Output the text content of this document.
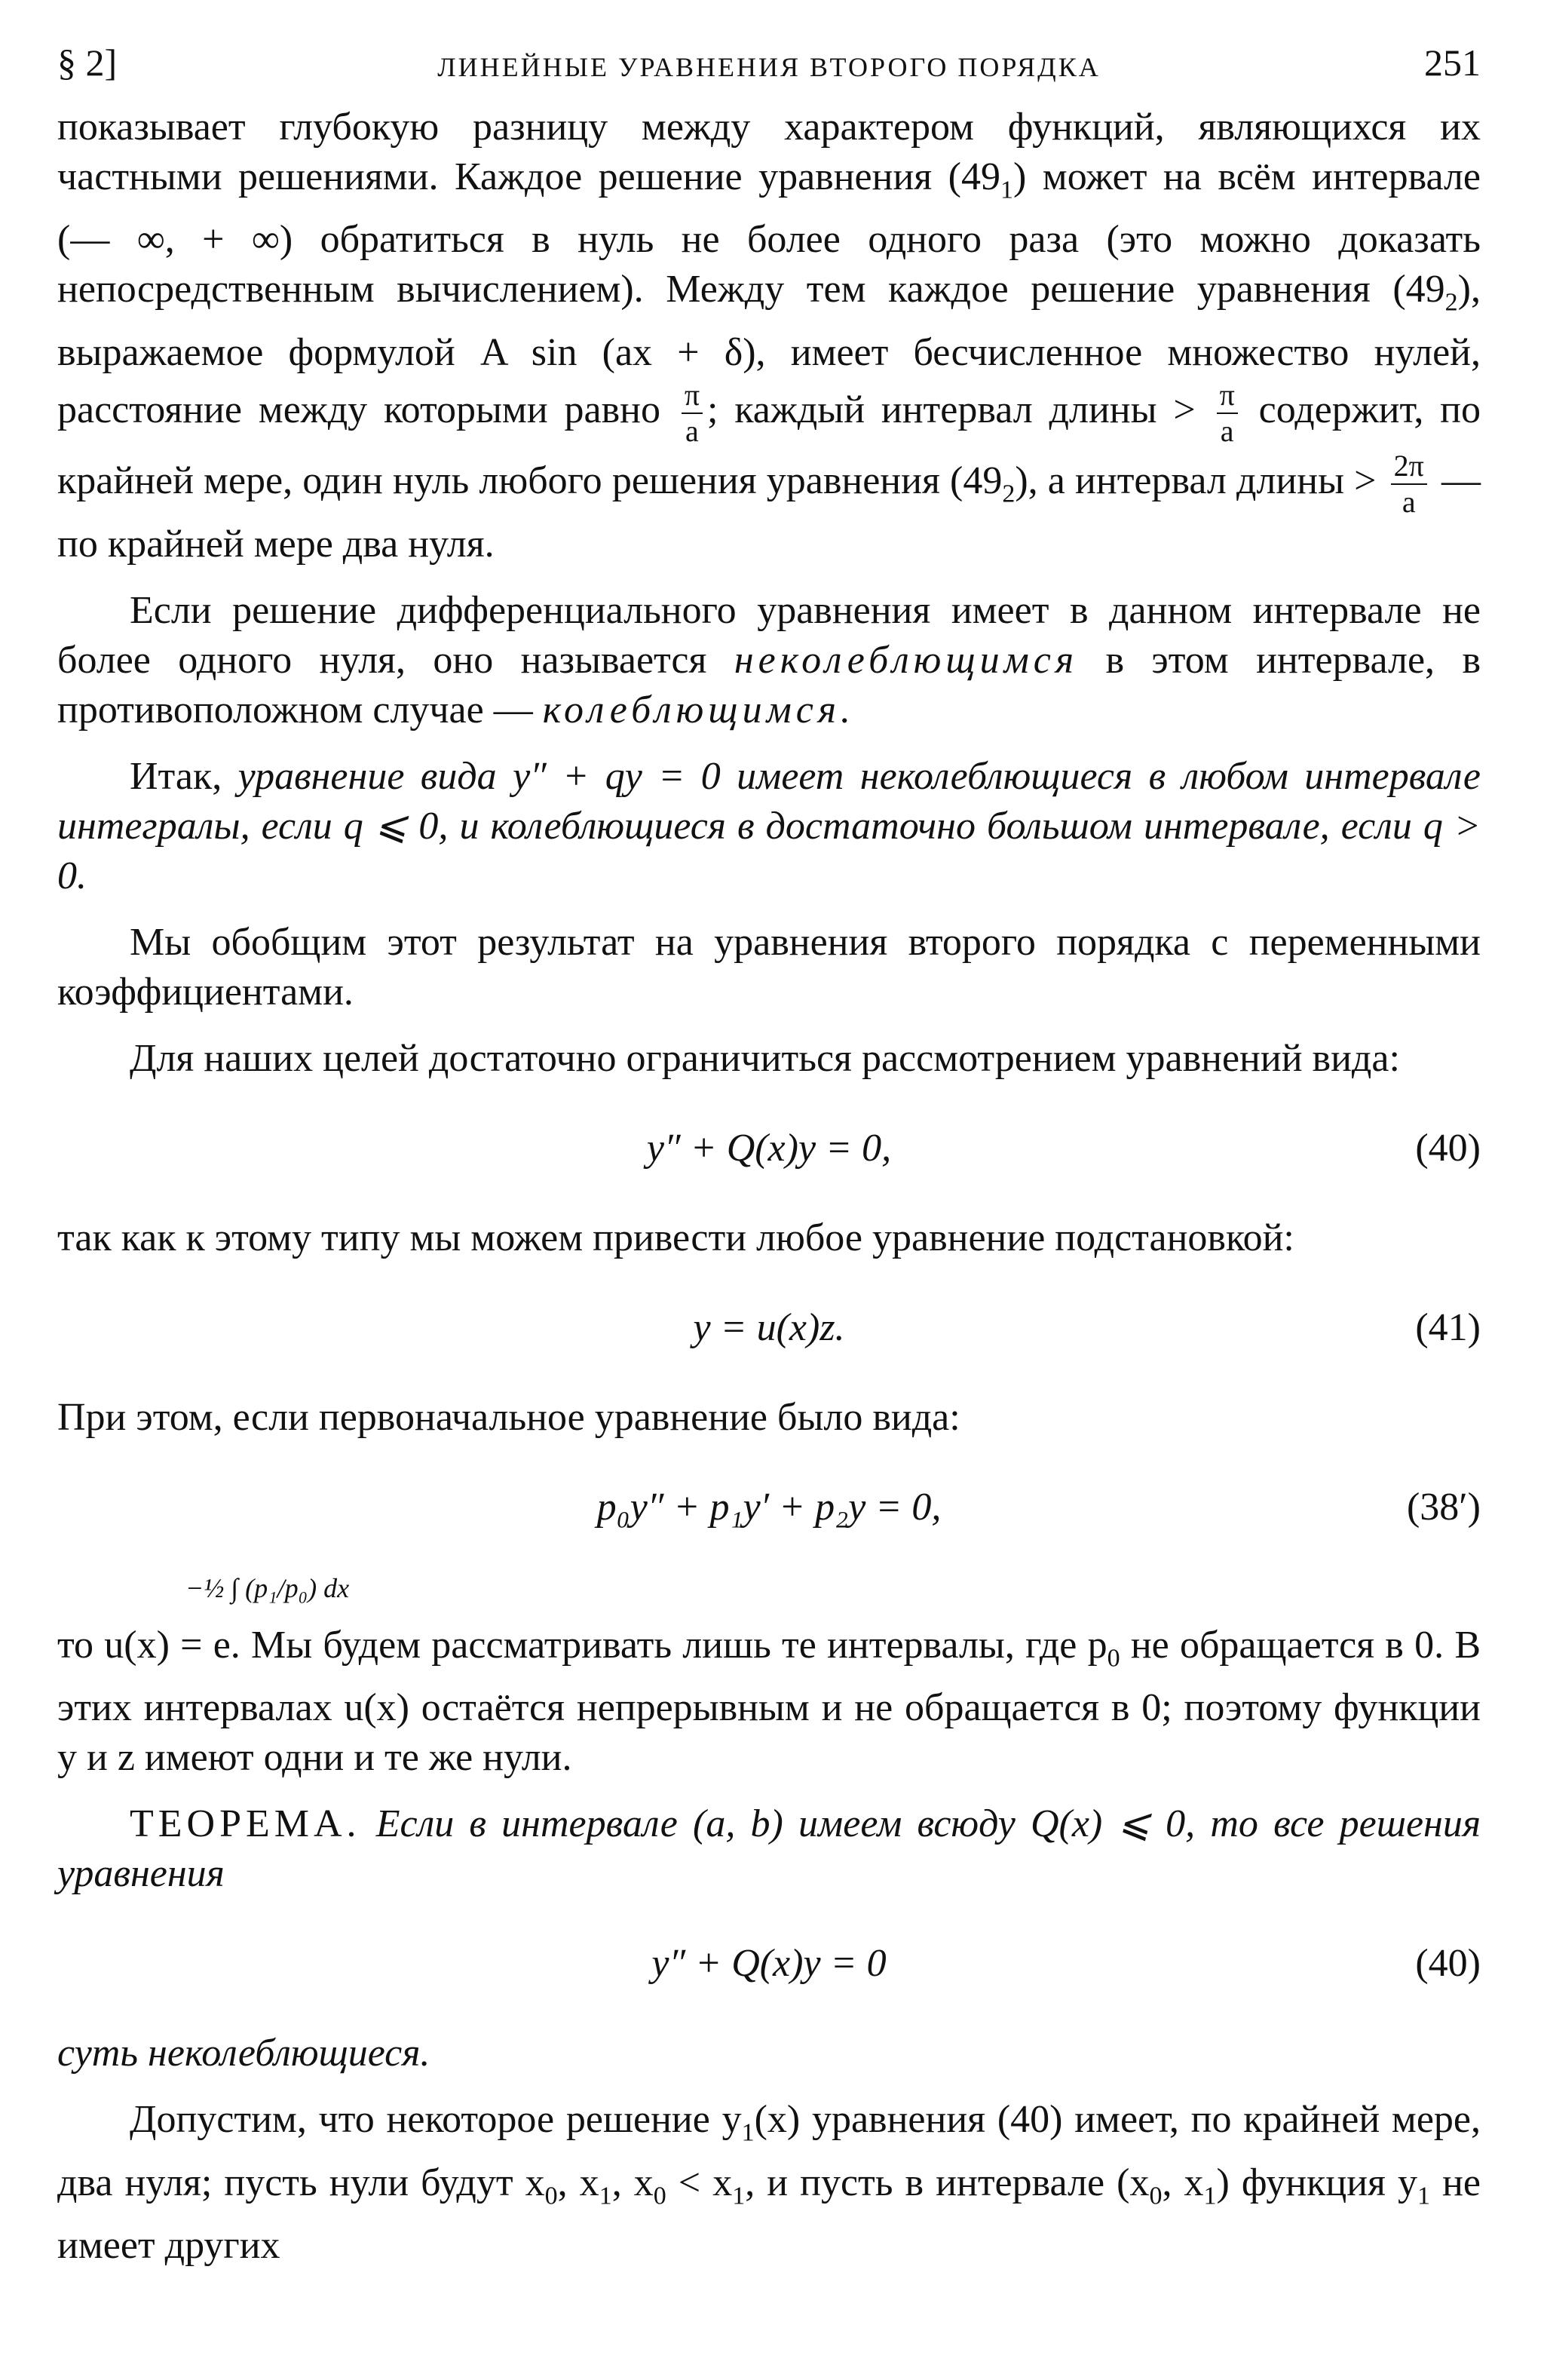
§ 2]	ЛИНЕЙНЫЕ УРАВНЕНИЯ ВТОРОГО ПОРЯДКА	251

показывает глубокую разницу между характером функций, являющихся их частными решениями. Каждое решение уравнения $(49_1)$ может на всём интервале (— ∞, + ∞) обратиться в нуль не более одного раза (это можно доказать непосредственным вычислением). Между тем каждое решение уравнения $(49_2)$, выражаемое формулой A sin (ax + δ), имеет бесчисленное множество нулей, расстояние между которыми равно $\frac{\pi}{a}$ ; каждый интервал длины > $\frac{\pi}{a}$ содержит, по крайней мере, один нуль любого решения уравнения $(49_2)$, а интервал длины > $\frac{2\pi}{a}$ — по крайней мере два нуля.

Если решение дифференциального уравнения имеет в данном интервале не более одного нуля, оно называется неколеблющимся в этом интервале, в противоположном случае — колеблющимся.

Итак, уравнение вида y″ + qy = 0 имеет неколеблющиеся в любом интервале интегралы, если q ⩽ 0, и колеблющиеся в достаточно большом интервале, если q > 0.

Мы обобщим этот результат на уравнения второго порядка с переменными коэффициентами.

Для наших целей достаточно ограничиться рассмотрением уравнений вида:

y″ + Q(x)y = 0,	(40)

так как к этому типу мы можем привести любое уравнение подстановкой:

y = u(x)z.	(41)

При этом, если первоначальное уравнение было вида:

p₀y″ + p₁y′ + p₂y = 0,	(38′)
−½ ∫ (p₁/p₀) dx

то u(x) = e. Мы будем рассматривать лишь те интервалы, где $p_0$ не обращается в 0. В этих интервалах u(x) остаётся непрерывным и не обращается в 0; поэтому функции y и z имеют одни и те же нули.

ТЕОРЕМА. Если в интервале (a, b) имеем всюду Q(x) ⩽ 0, то все решения уравнения

y″ + Q(x)y = 0	(40)

суть неколеблющиеся.

Допустим, что некоторое решение $y_1(x)$ уравнения (40) имеет, по крайней мере, два нуля; пусть нули будут $x_0$, $x_1$, $x_0 < x_1$, и пусть в интервале ($x_0$, $x_1$) функция $y_1$ не имеет других
